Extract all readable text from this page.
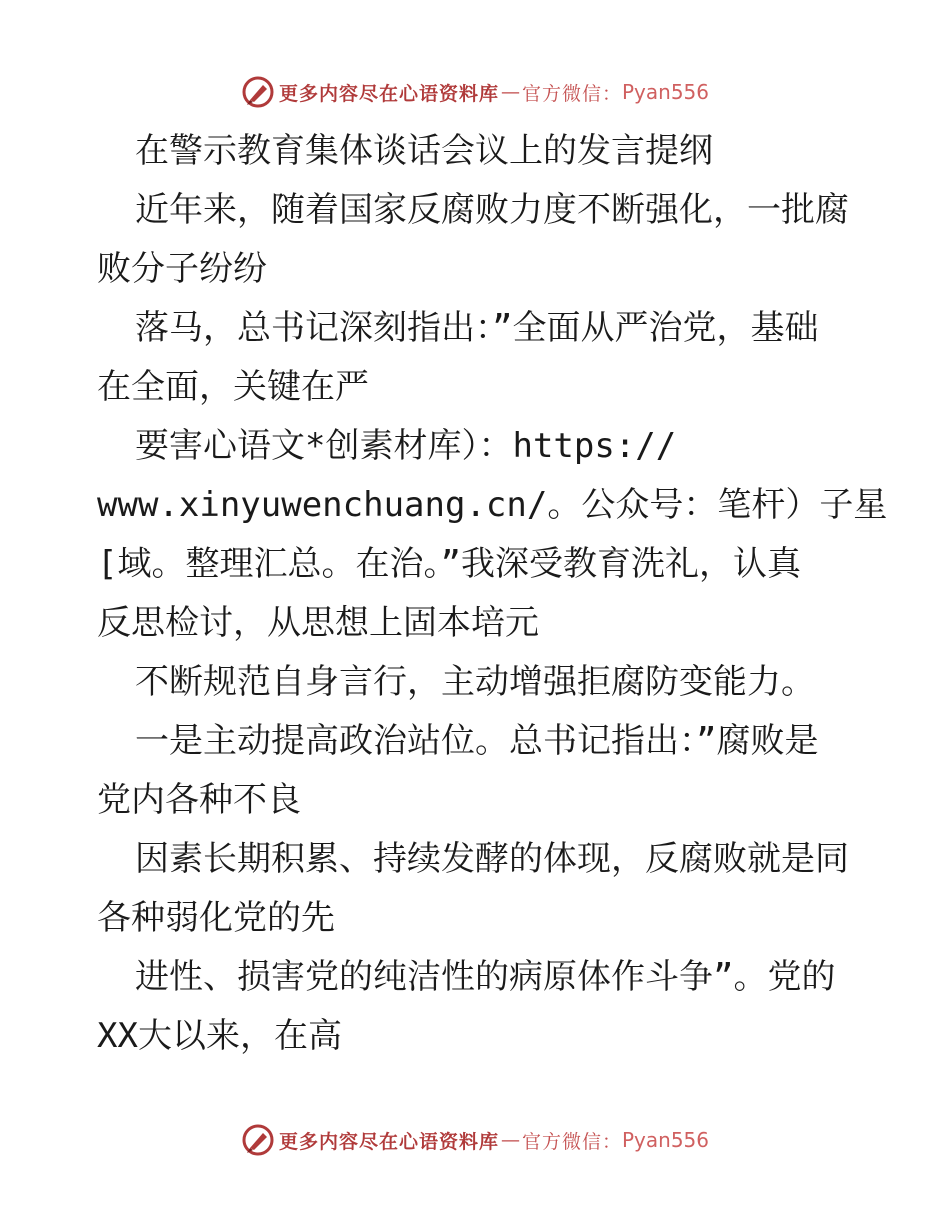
更多内容尽在心语资料库 — 官方微信： Pyan556
在警示教育集体谈话会议上的发言提纲
近年来，随着国家反腐败力度不断强化，一批腐
败分子纷纷
落马，总书记深刻指出：”全面从严治党，基础
在全面，关键在严
要害心语文*创素材库）：https://
www.xinyuwenchuang.cn/。公众号：笔杆）子星
[域。整理汇总。在治。”我深受教育洗礼，认真
反思检讨，从思想上固本培元
不断规范自身言行，主动增强拒腐防变能力。
一是主动提高政治站位。总书记指出：”腐败是
党内各种不良
因素长期积累、持续发酵的体现，反腐败就是同
各种弱化党的先
进性、损害党的纯洁性的病原体作斗争”。党的
XX大以来，在高
更多内容尽在心语资料库 — 官方微信： Pyan556
